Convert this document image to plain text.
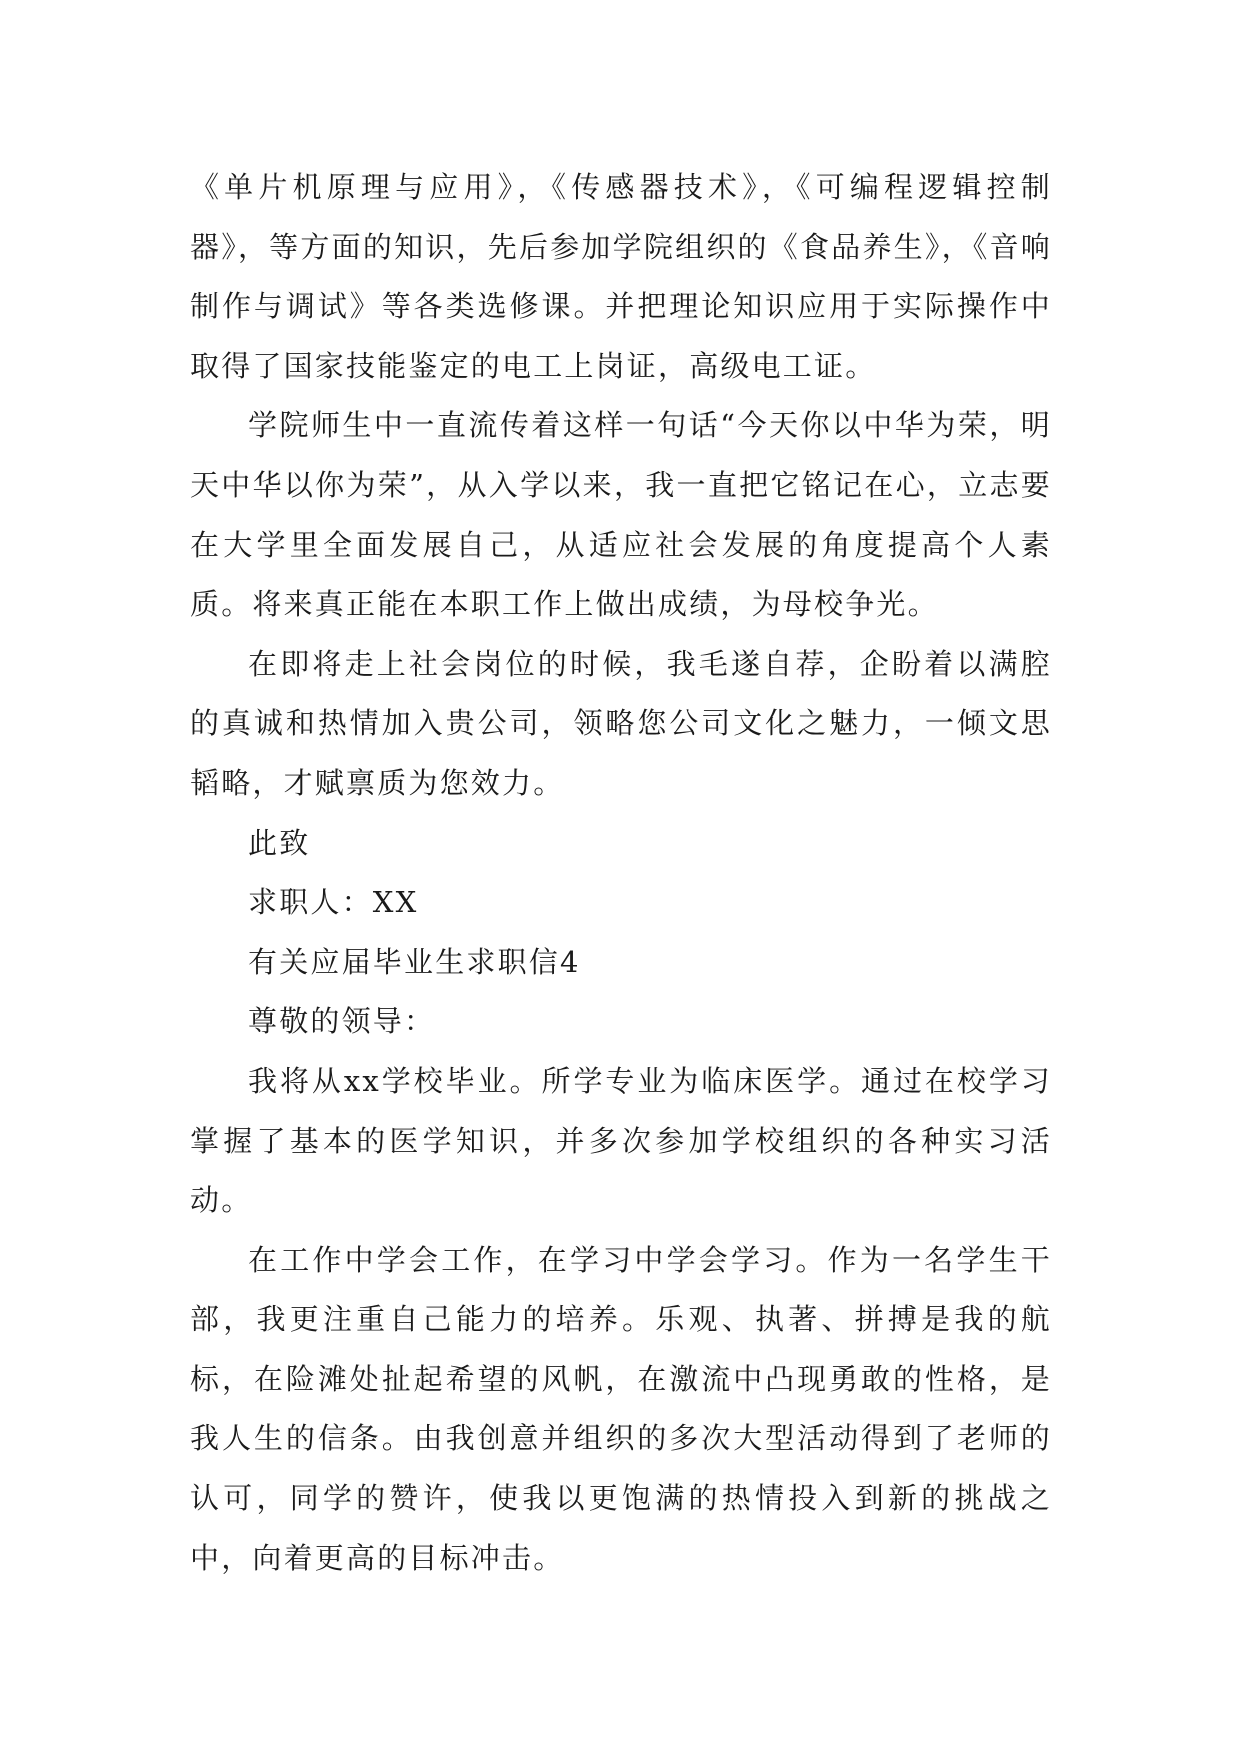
《单片机原理与应用》，《传感器技术》，《可编程逻辑控制器》，等方面的知识，先后参加学院组织的《食品养生》，《音响制作与调试》等各类选修课。并把理论知识应用于实际操作中取得了国家技能鉴定的电工上岗证，高级电工证。

学院师生中一直流传着这样一句话“今天你以中华为荣，明天中华以你为荣”，从入学以来，我一直把它铭记在心，立志要在大学里全面发展自己，从适应社会发展的角度提高个人素质。将来真正能在本职工作上做出成绩，为母校争光。

在即将走上社会岗位的时候，我毛遂自荐，企盼着以满腔的真诚和热情加入贵公司，领略您公司文化之魅力，一倾文思韬略，才赋禀质为您效力。

此致

求职人：XX

有关应届毕业生求职信4

尊敬的领导：

我将从xx学校毕业。所学专业为临床医学。通过在校学习掌握了基本的医学知识，并多次参加学校组织的各种实习活动。

在工作中学会工作，在学习中学会学习。作为一名学生干部，我更注重自己能力的培养。乐观、执著、拼搏是我的航标，在险滩处扯起希望的风帆，在激流中凸现勇敢的性格，是我人生的信条。由我创意并组织的多次大型活动得到了老师的认可，同学的赞许，使我以更饱满的热情投入到新的挑战之中，向着更高的目标冲击。
